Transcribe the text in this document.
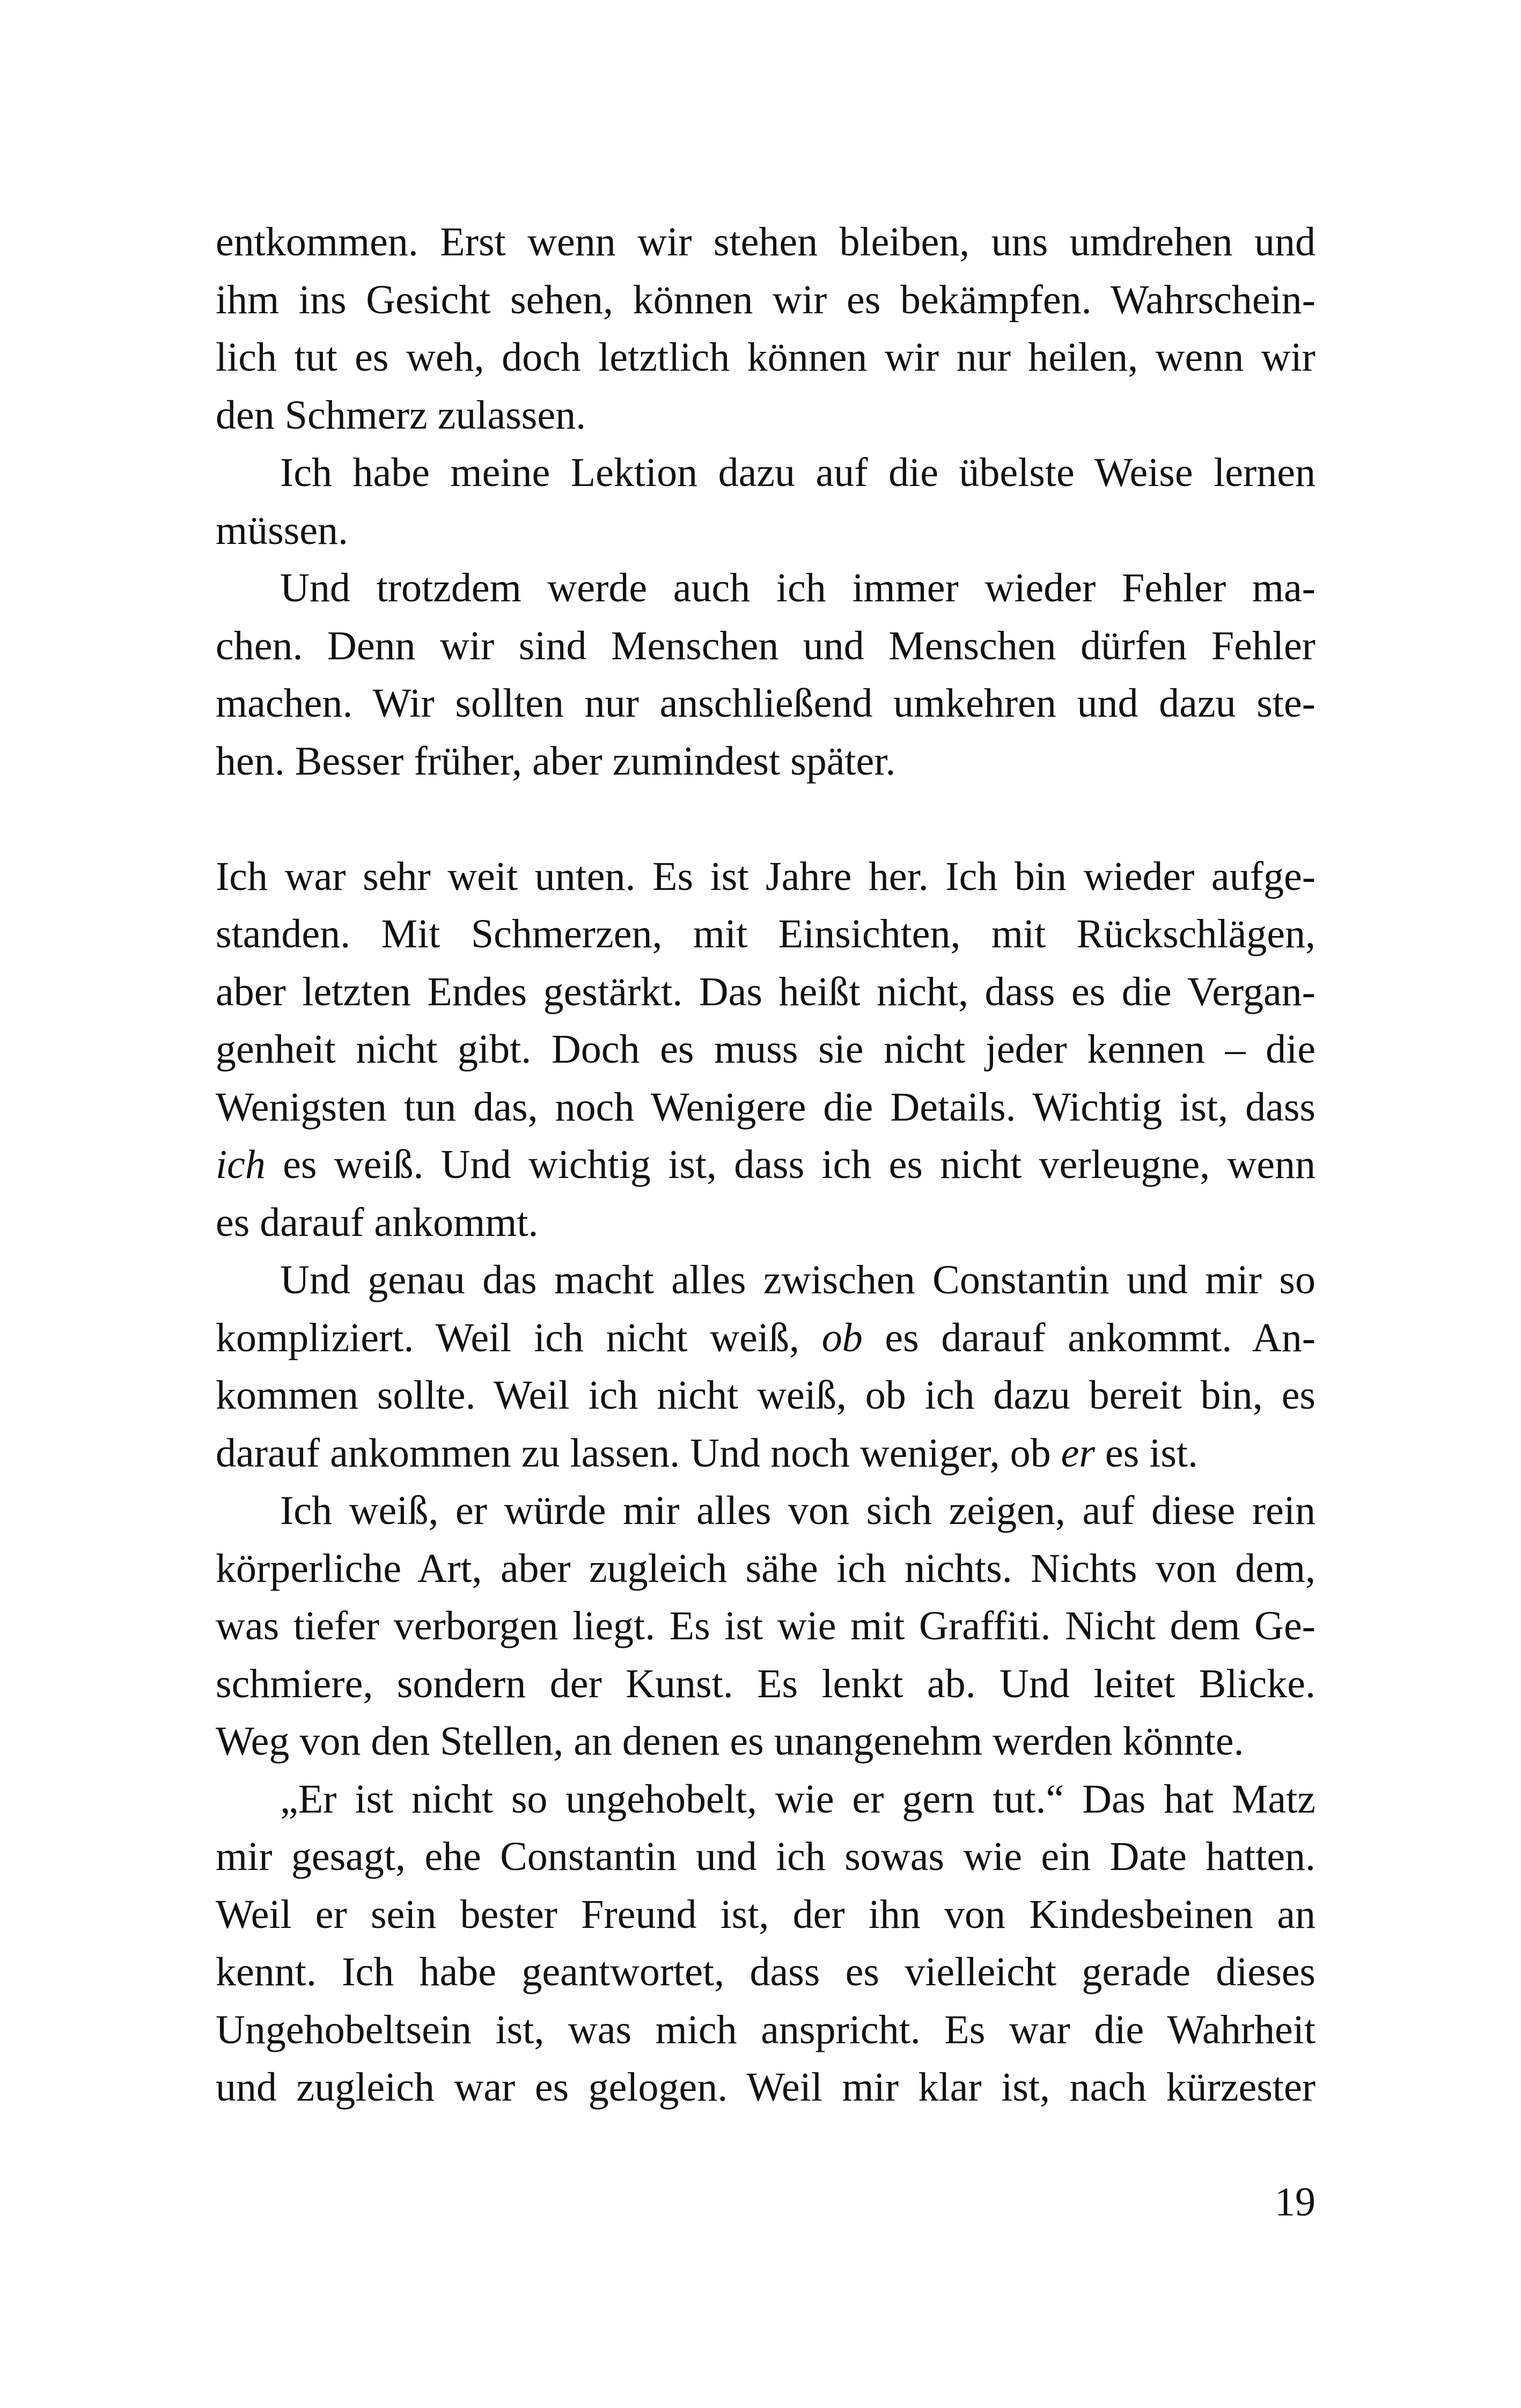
entkommen. Erst wenn wir stehen bleiben, uns umdrehen und
ihm ins Gesicht sehen, können wir es bekämpfen. Wahrschein-
lich tut es weh, doch letztlich können wir nur heilen, wenn wir
den Schmerz zulassen.
Ich habe meine Lektion dazu auf die übelste Weise lernen
müssen.
Und trotzdem werde auch ich immer wieder Fehler ma-
chen. Denn wir sind Menschen und Menschen dürfen Fehler
machen. Wir sollten nur anschließend umkehren und dazu ste-
hen. Besser früher, aber zumindest später.
Ich war sehr weit unten. Es ist Jahre her. Ich bin wieder aufge-
standen. Mit Schmerzen, mit Einsichten, mit Rückschlägen,
aber letzten Endes gestärkt. Das heißt nicht, dass es die Vergan-
genheit nicht gibt. Doch es muss sie nicht jeder kennen – die
Wenigsten tun das, noch Wenigere die Details. Wichtig ist, dass
ich es weiß. Und wichtig ist, dass ich es nicht verleugne, wenn
es darauf ankommt.
Und genau das macht alles zwischen Constantin und mir so
kompliziert. Weil ich nicht weiß, ob es darauf ankommt. An-
kommen sollte. Weil ich nicht weiß, ob ich dazu bereit bin, es
darauf ankommen zu lassen. Und noch weniger, ob er es ist.
Ich weiß, er würde mir alles von sich zeigen, auf diese rein
körperliche Art, aber zugleich sähe ich nichts. Nichts von dem,
was tiefer verborgen liegt. Es ist wie mit Graffiti. Nicht dem Ge-
schmiere, sondern der Kunst. Es lenkt ab. Und leitet Blicke.
Weg von den Stellen, an denen es unangenehm werden könnte.
„Er ist nicht so ungehobelt, wie er gern tut.“ Das hat Matz
mir gesagt, ehe Constantin und ich sowas wie ein Date hatten.
Weil er sein bester Freund ist, der ihn von Kindesbeinen an
kennt. Ich habe geantwortet, dass es vielleicht gerade dieses
Ungehobeltsein ist, was mich anspricht. Es war die Wahrheit
und zugleich war es gelogen. Weil mir klar ist, nach kürzester
19
